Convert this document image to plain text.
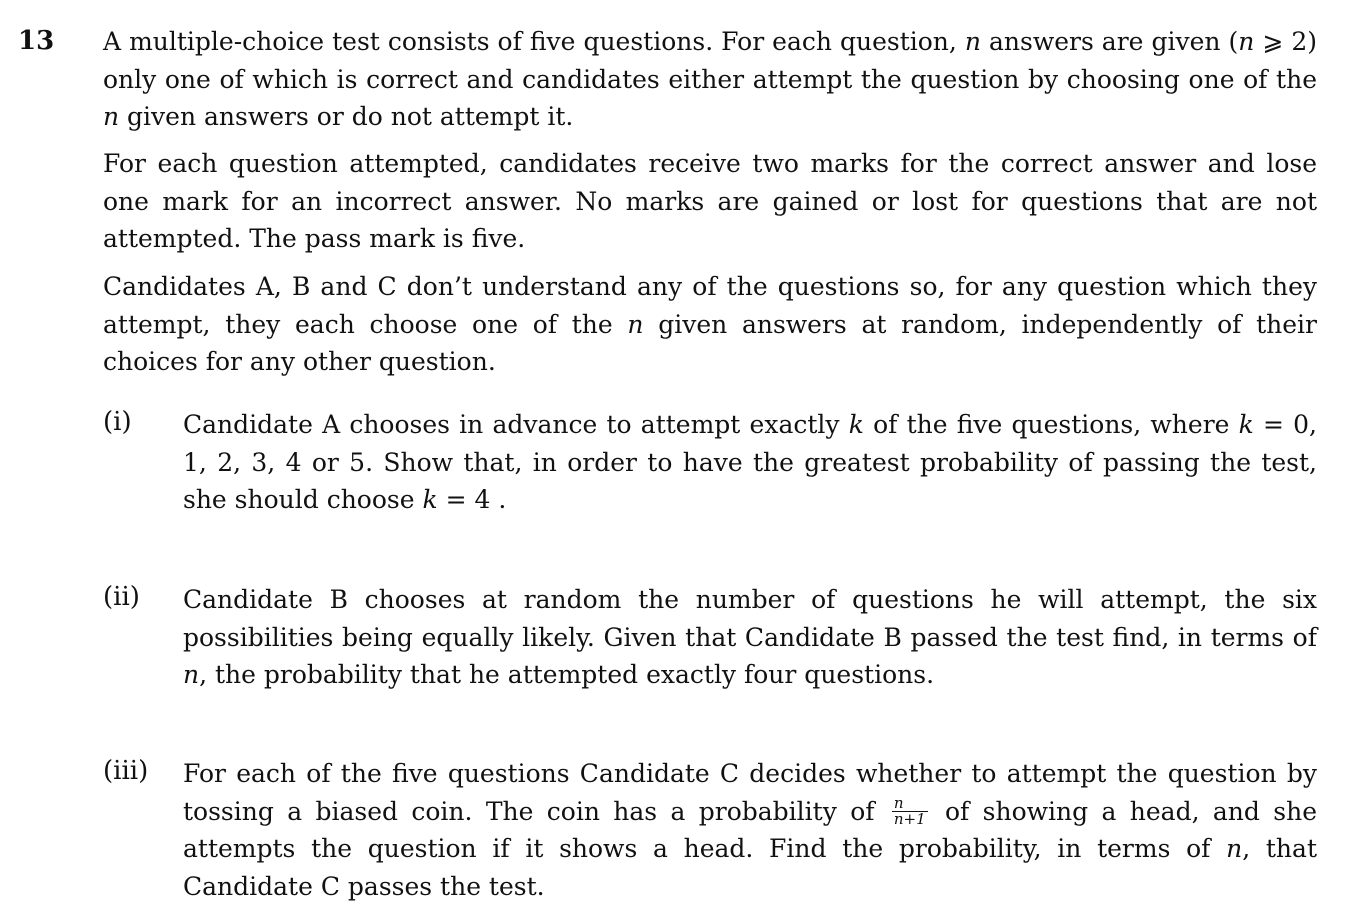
13 A multiple-choice test consists of five questions. For each question, n answers are given (n ⩾ 2) only one of which is correct and candidates either attempt the question by choosing one of the n given answers or do not attempt it.

For each question attempted, candidates receive two marks for the correct answer and lose one mark for an incorrect answer. No marks are gained or lost for questions that are not attempted. The pass mark is five.

Candidates A, B and C don’t understand any of the questions so, for any question which they attempt, they each choose one of the n given answers at random, independently of their choices for any other question.

(i) Candidate A chooses in advance to attempt exactly k of the five questions, where k = 0, 1, 2, 3, 4 or 5. Show that, in order to have the greatest probability of passing the test, she should choose k = 4 .

(ii) Candidate B chooses at random the number of questions he will attempt, the six possibilities being equally likely. Given that Candidate B passed the test find, in terms of n, the probability that he attempted exactly four questions.

(iii) For each of the five questions Candidate C decides whether to attempt the question by tossing a biased coin. The coin has a probability of $\frac{n}{n+1}$ of showing a head, and she attempts the question if it shows a head. Find the probability, in terms of n, that Candidate C passes the test.
